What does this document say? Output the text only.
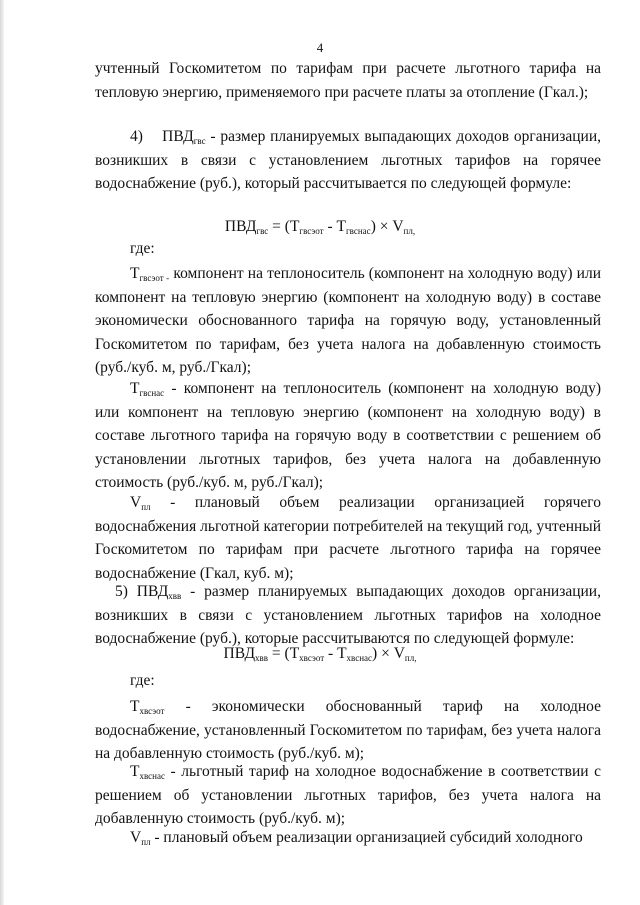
4

учтенный Госкомитетом по тарифам при расчете льготного тарифа на тепловую энергию, применяемого при расчете платы за отопление (Гкал.);

4) $ПВД_{гвс}$ - размер планируемых выпадающих доходов организации, возникших в связи с установлением льготных тарифов на горячее водоснабжение (руб.), который рассчитывается по следующей формуле:

$ПВД_{гвс} = (T_{гвсэот} - T_{гвснас}) \times V_{пл,}$
где:

$T_{гвсэот -}$ компонент на теплоноситель (компонент на холодную воду) или компонент на тепловую энергию (компонент на холодную воду) в составе экономически обоснованного тарифа на горячую воду, установленный Госкомитетом по тарифам, без учета налога на добавленную стоимость (руб./куб. м, руб./Гкал);

$T_{гвснас}$ - компонент на теплоноситель (компонент на холодную воду) или компонент на тепловую энергию (компонент на холодную воду) в составе льготного тарифа на горячую воду в соответствии с решением об установлении льготных тарифов, без учета налога на добавленную стоимость (руб./куб. м, руб./Гкал);

$V_{пл}$ - плановый объем реализации организацией горячего водоснабжения льготной категории потребителей на текущий год, учтенный Госкомитетом по тарифам при расчете льготного тарифа на горячее водоснабжение (Гкал, куб. м);

5) $ПВД_{хвв}$ - размер планируемых выпадающих доходов организации, возникших в связи с установлением льготных тарифов на холодное водоснабжение (руб.), которые рассчитываются по следующей формуле:

$ПВД_{хвв} = (T_{хвсэот} - T_{хвснас}) \times V_{пл,}$
где:

$T_{хвсэот}$ - экономически обоснованный тариф на холодное водоснабжение, установленный Госкомитетом по тарифам, без учета налога на добавленную стоимость (руб./куб. м);

$T_{хвснас}$ - льготный тариф на холодное водоснабжение в соответствии с решением об установлении льготных тарифов, без учета налога на добавленную стоимость (руб./куб. м);

$V_{пл}$ - плановый объем реализации организацией субсидий холодного
